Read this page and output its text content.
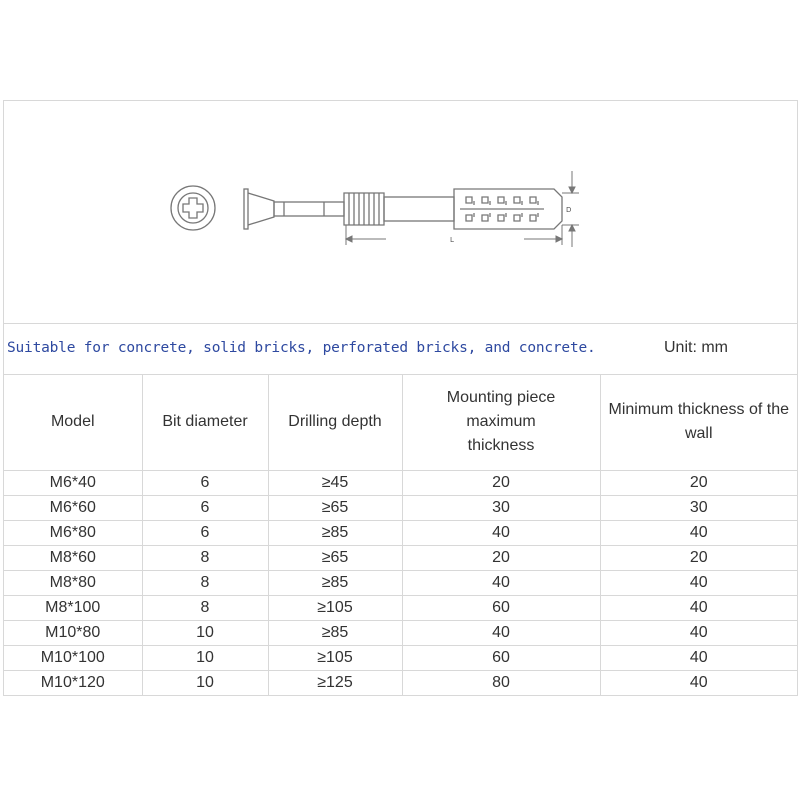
D
L
Suitable for concrete, solid bricks, perforated bricks, and concrete.	Unit: mm
Model	Bit diameter	Drilling depth	Mounting piece maximum thickness	Minimum thickness of the wall
M6*40	6	≥45	20	20
M6*60	6	≥65	30	30
M6*80	6	≥85	40	40
M8*60	8	≥65	20	20
M8*80	8	≥85	40	40
M8*100	8	≥105	60	40
M10*80	10	≥85	40	40
M10*100	10	≥105	60	40
M10*120	10	≥125	80	40
